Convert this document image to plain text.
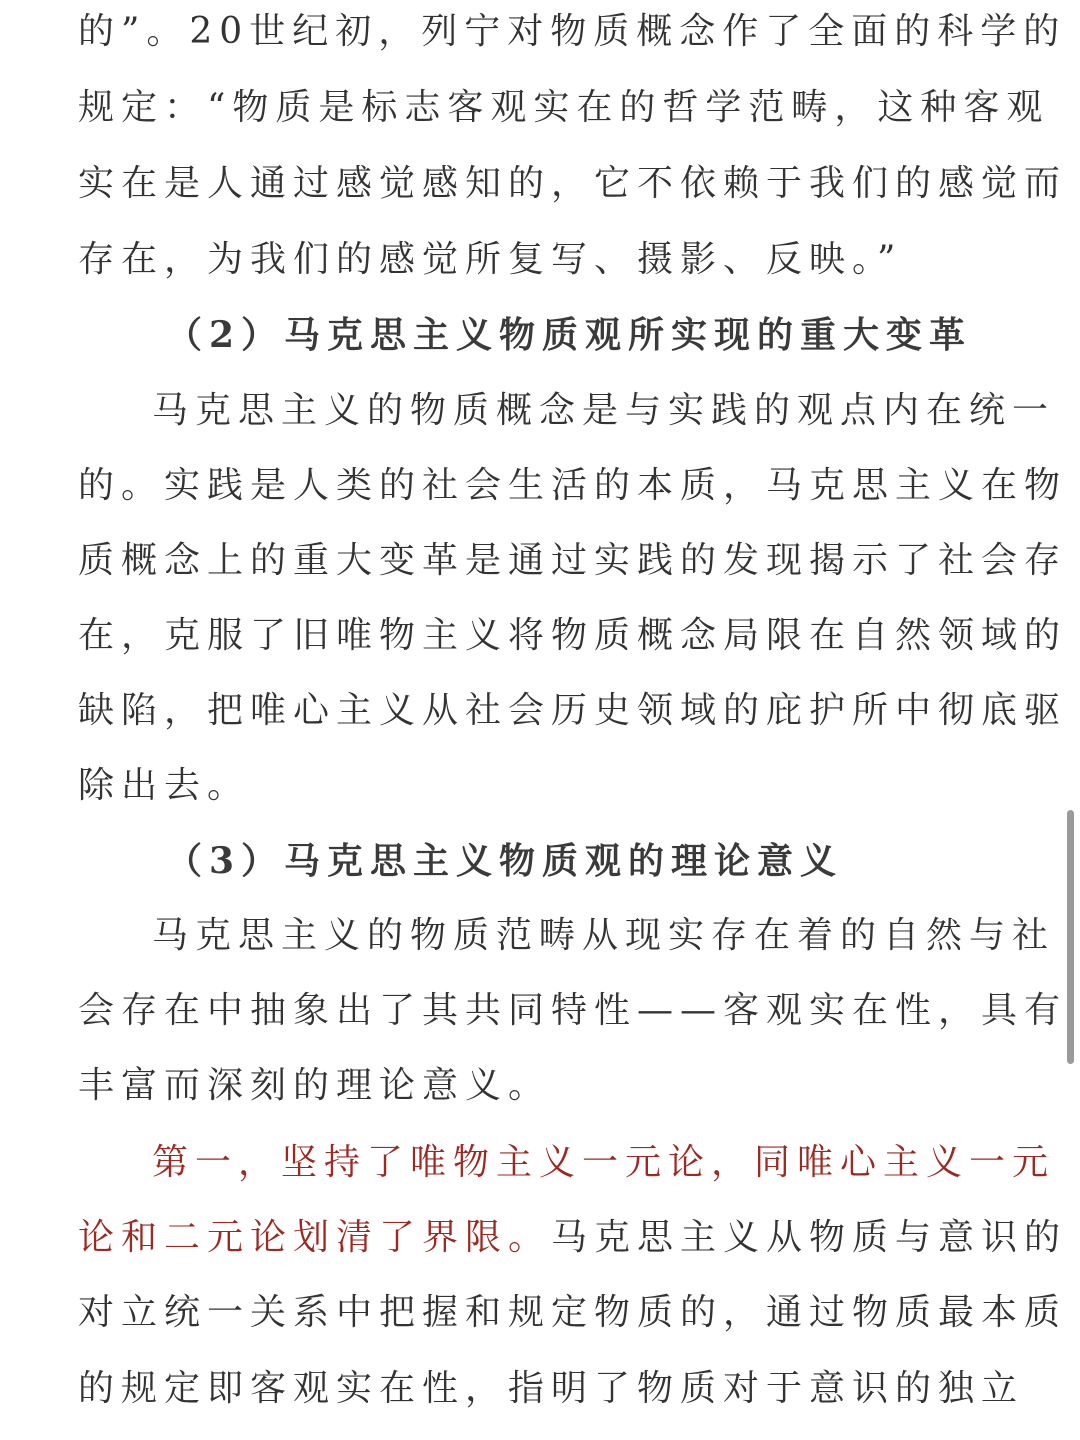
的”。20世纪初，列宁对物质概念作了全面的科学的
规定：“物质是标志客观实在的哲学范畴，这种客观
实在是人通过感觉感知的，它不依赖于我们的感觉而
存在，为我们的感觉所复写、摄影、反映。”
（2）马克思主义物质观所实现的重大变革
马克思主义的物质概念是与实践的观点内在统一
的。实践是人类的社会生活的本质，马克思主义在物
质概念上的重大变革是通过实践的发现揭示了社会存
在，克服了旧唯物主义将物质概念局限在自然领域的
缺陷，把唯心主义从社会历史领域的庇护所中彻底驱
除出去。
（3）马克思主义物质观的理论意义
马克思主义的物质范畴从现实存在着的自然与社
会存在中抽象出了其共同特性——客观实在性，具有
丰富而深刻的理论意义。
第一，坚持了唯物主义一元论，同唯心主义一元
论和二元论划清了界限。马克思主义从物质与意识的
对立统一关系中把握和规定物质的，通过物质最本质
的规定即客观实在性，指明了物质对于意识的独立
